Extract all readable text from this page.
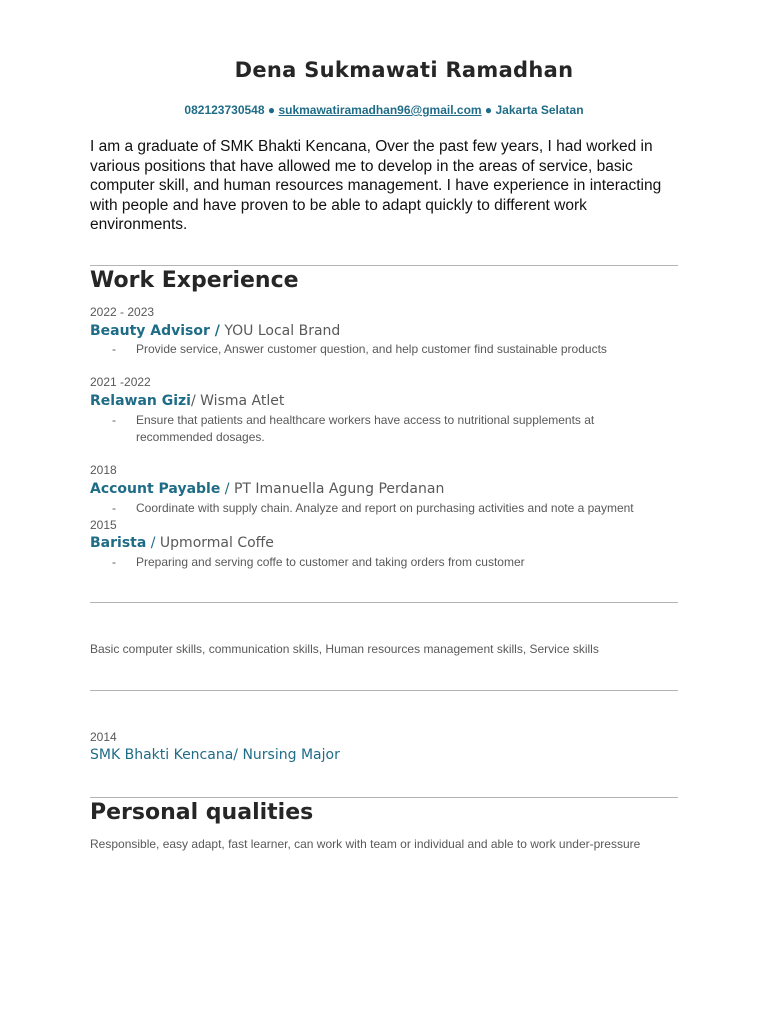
Dena Sukmawati Ramadhan
082123730548 ● sukmawatiramadhan96@gmail.com ● Jakarta Selatan
I am a graduate of SMK Bhakti Kencana, Over the past few years, I had worked in various positions that have allowed me to develop in the areas of service, basic computer skill, and human resources management. I have experience in interacting with people and have proven to be able to adapt quickly to different work environments.
Work Experience
2022 - 2023
Beauty Advisor / YOU Local Brand
- Provide service, Answer customer question, and help customer find sustainable products
2021 -2022
Relawan Gizi/ Wisma Atlet
- Ensure that patients and healthcare workers have access to nutritional supplements at recommended dosages.
2018
Account Payable / PT Imanuella Agung Perdanan
- Coordinate with supply chain. Analyze and report on purchasing activities and note a payment
2015
Barista / Upmormal Coffe
- Preparing and serving coffe to customer and taking orders from customer
Basic computer skills, communication skills, Human resources management skills, Service skills
2014
SMK Bhakti Kencana/ Nursing Major
Personal qualities
Responsible, easy adapt, fast learner, can work with team or individual and able to work under-pressure
